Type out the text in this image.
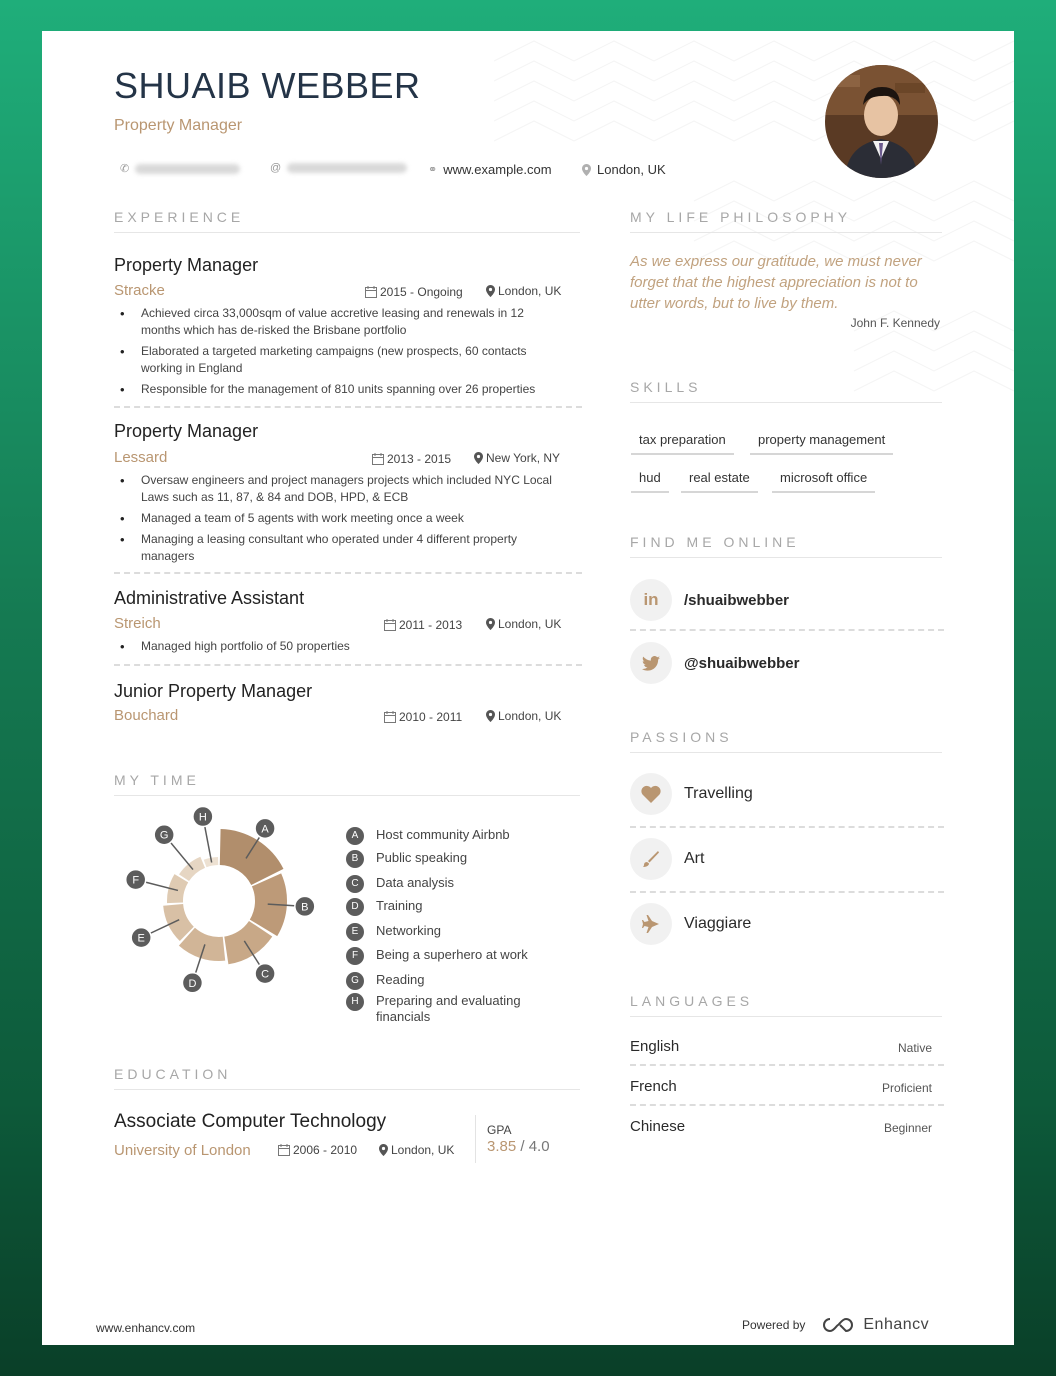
SHUAIB WEBBER
Property Manager
✆	@	⚭ www.example.com	London, UK
EXPERIENCE
Property Manager
Stracke	2015 - Ongoing	London, UK
• Achieved circa 33,000sqm of value accretive leasing and renewals in 12 months which has de-risked the Brisbane portfolio
• Elaborated a targeted marketing campaigns (new prospects, 60 contacts working in England
• Responsible for the management of 810 units spanning over 26 properties
Property Manager
Lessard	2013 - 2015	New York, NY
• Oversaw engineers and project managers projects which included NYC Local Laws such as 11, 87, & 84 and DOB, HPD, & ECB
• Managed a team of 5 agents with work meeting once a week
• Managing a leasing consultant who operated under 4 different property managers
Administrative Assistant
Streich	2011 - 2013	London, UK
• Managed high portfolio of 50 properties
Junior Property Manager
Bouchard	2010 - 2011	London, UK
MY TIME
A
B
C
D
E
F
G
H
A	Host community Airbnb
B	Public speaking
C	Data analysis
D	Training
E	Networking
F	Being a superhero at work
G	Reading
H	Preparing and evaluating financials
EDUCATION
Associate Computer Technology
University of London	2006 - 2010	London, UK
GPA
3.85 / 4.0
MY LIFE PHILOSOPHY
As we express our gratitude, we must never forget that the highest appreciation is not to utter words, but to live by them.
John F. Kennedy
SKILLS
tax preparation	property management
hud	real estate	microsoft office
FIND ME ONLINE
in	/shuaibwebber
@shuaibwebber
PASSIONS
Travelling
Art
Viaggiare
LANGUAGES
English	Native
French	Proficient
Chinese	Beginner
www.enhancv.com	Powered by	Enhancv
